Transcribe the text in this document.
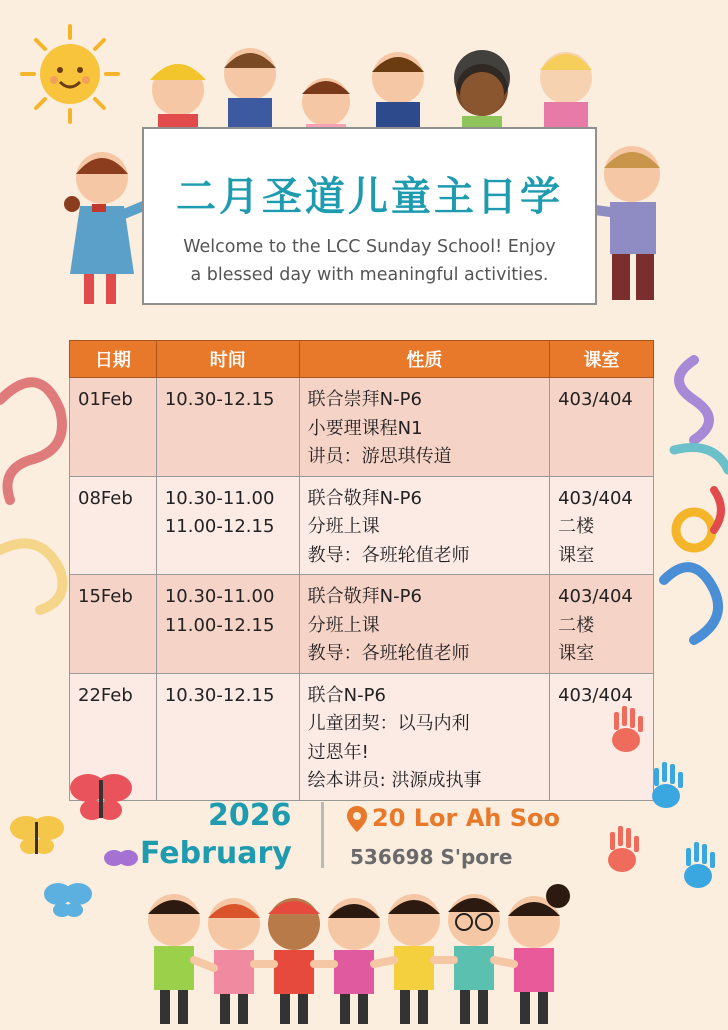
二月圣道儿童主日学
Welcome to the LCC Sunday School! Enjoy
a blessed day with meaningful activities.
日期	时间	性质	课室
01Feb	10.30-12.15	联合崇拜N-P6
小要理课程N1
讲员：游思琪传道	403/404

08Feb	10.30-11.00
11.00-12.15	联合敬拜N-P6
分班上课
教导：各班轮值老师	403/404
二楼
课室

15Feb	10.30-11.00
11.00-12.15	联合敬拜N-P6
分班上课
教导：各班轮值老师	403/404
二楼
课室

22Feb	10.30-12.15	联合N-P6
儿童团契：以马内利
过恩年!
绘本讲员: 洪源成执事	403/404
2026
February
20 Lor Ah Soo
536698 S'pore
